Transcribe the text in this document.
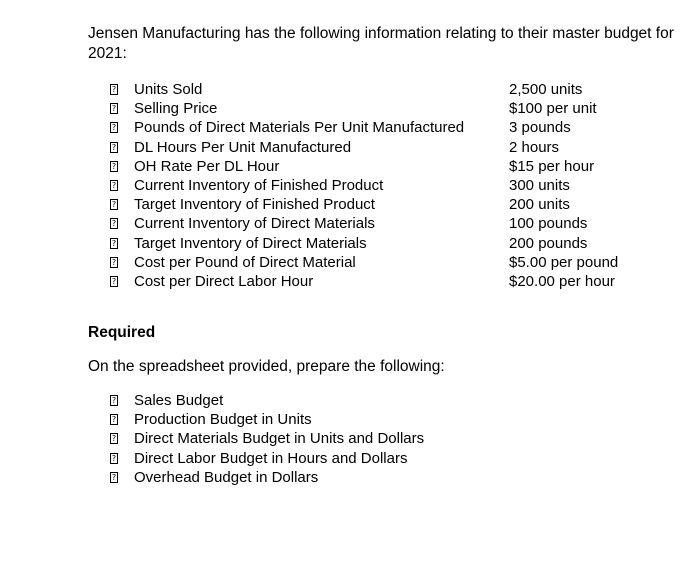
Jensen Manufacturing has the following information relating to their master budget for 2021:
? Units Sold	2,500 units
? Selling Price	$100 per unit
? Pounds of Direct Materials Per Unit Manufactured	3 pounds
? DL Hours Per Unit Manufactured	2 hours
? OH Rate Per DL Hour	$15 per hour
? Current Inventory of Finished Product	300 units
? Target Inventory of Finished Product	200 units
? Current Inventory of Direct Materials	100 pounds
? Target Inventory of Direct Materials	200 pounds
? Cost per Pound of Direct Material	$5.00 per pound
? Cost per Direct Labor Hour	$20.00 per hour
Required
On the spreadsheet provided, prepare the following:
? Sales Budget
? Production Budget in Units
? Direct Materials Budget in Units and Dollars
? Direct Labor Budget in Hours and Dollars
? Overhead Budget in Dollars
